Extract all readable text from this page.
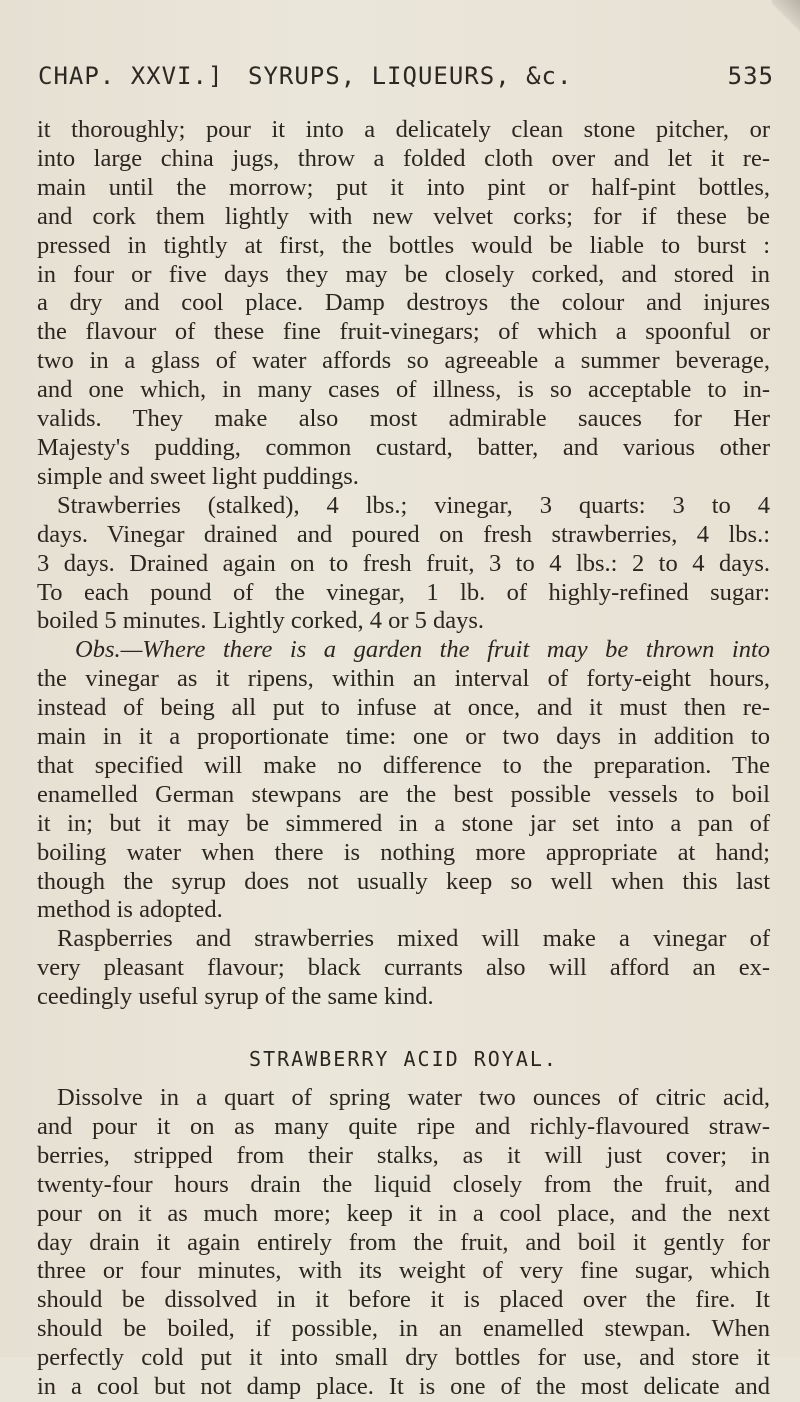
CHAP. XXVI.] SYRUPS, LIQUEURS, &c.	535

it thoroughly; pour it into a delicately clean stone pitcher, or
into large china jugs, throw a folded cloth over and let it re-
main until the morrow; put it into pint or half-pint bottles,
and cork them lightly with new velvet corks; for if these be
pressed in tightly at first, the bottles would be liable to burst :
in four or five days they may be closely corked, and stored in
a dry and cool place. Damp destroys the colour and injures
the flavour of these fine fruit-vinegars; of which a spoonful or
two in a glass of water affords so agreeable a summer beverage,
and one which, in many cases of illness, is so acceptable to in-
valids. They make also most admirable sauces for Her
Majesty's pudding, common custard, batter, and various other
simple and sweet light puddings.

Strawberries (stalked), 4 lbs.; vinegar, 3 quarts: 3 to 4
days. Vinegar drained and poured on fresh strawberries, 4 lbs.:
3 days. Drained again on to fresh fruit, 3 to 4 lbs.: 2 to 4 days.
To each pound of the vinegar, 1 lb. of highly-refined sugar:
boiled 5 minutes. Lightly corked, 4 or 5 days.

Obs.—Where there is a garden the fruit may be thrown into
the vinegar as it ripens, within an interval of forty-eight hours,
instead of being all put to infuse at once, and it must then re-
main in it a proportionate time: one or two days in addition to
that specified will make no difference to the preparation. The
enamelled German stewpans are the best possible vessels to boil
it in; but it may be simmered in a stone jar set into a pan of
boiling water when there is nothing more appropriate at hand;
though the syrup does not usually keep so well when this last
method is adopted.

Raspberries and strawberries mixed will make a vinegar of
very pleasant flavour; black currants also will afford an ex-
ceedingly useful syrup of the same kind.

STRAWBERRY ACID ROYAL.

Dissolve in a quart of spring water two ounces of citric acid,
and pour it on as many quite ripe and richly-flavoured straw-
berries, stripped from their stalks, as it will just cover; in
twenty-four hours drain the liquid closely from the fruit, and
pour on it as much more; keep it in a cool place, and the next
day drain it again entirely from the fruit, and boil it gently for
three or four minutes, with its weight of very fine sugar, which
should be dissolved in it before it is placed over the fire. It
should be boiled, if possible, in an enamelled stewpan. When
perfectly cold put it into small dry bottles for use, and store it
in a cool but not damp place. It is one of the most delicate and
